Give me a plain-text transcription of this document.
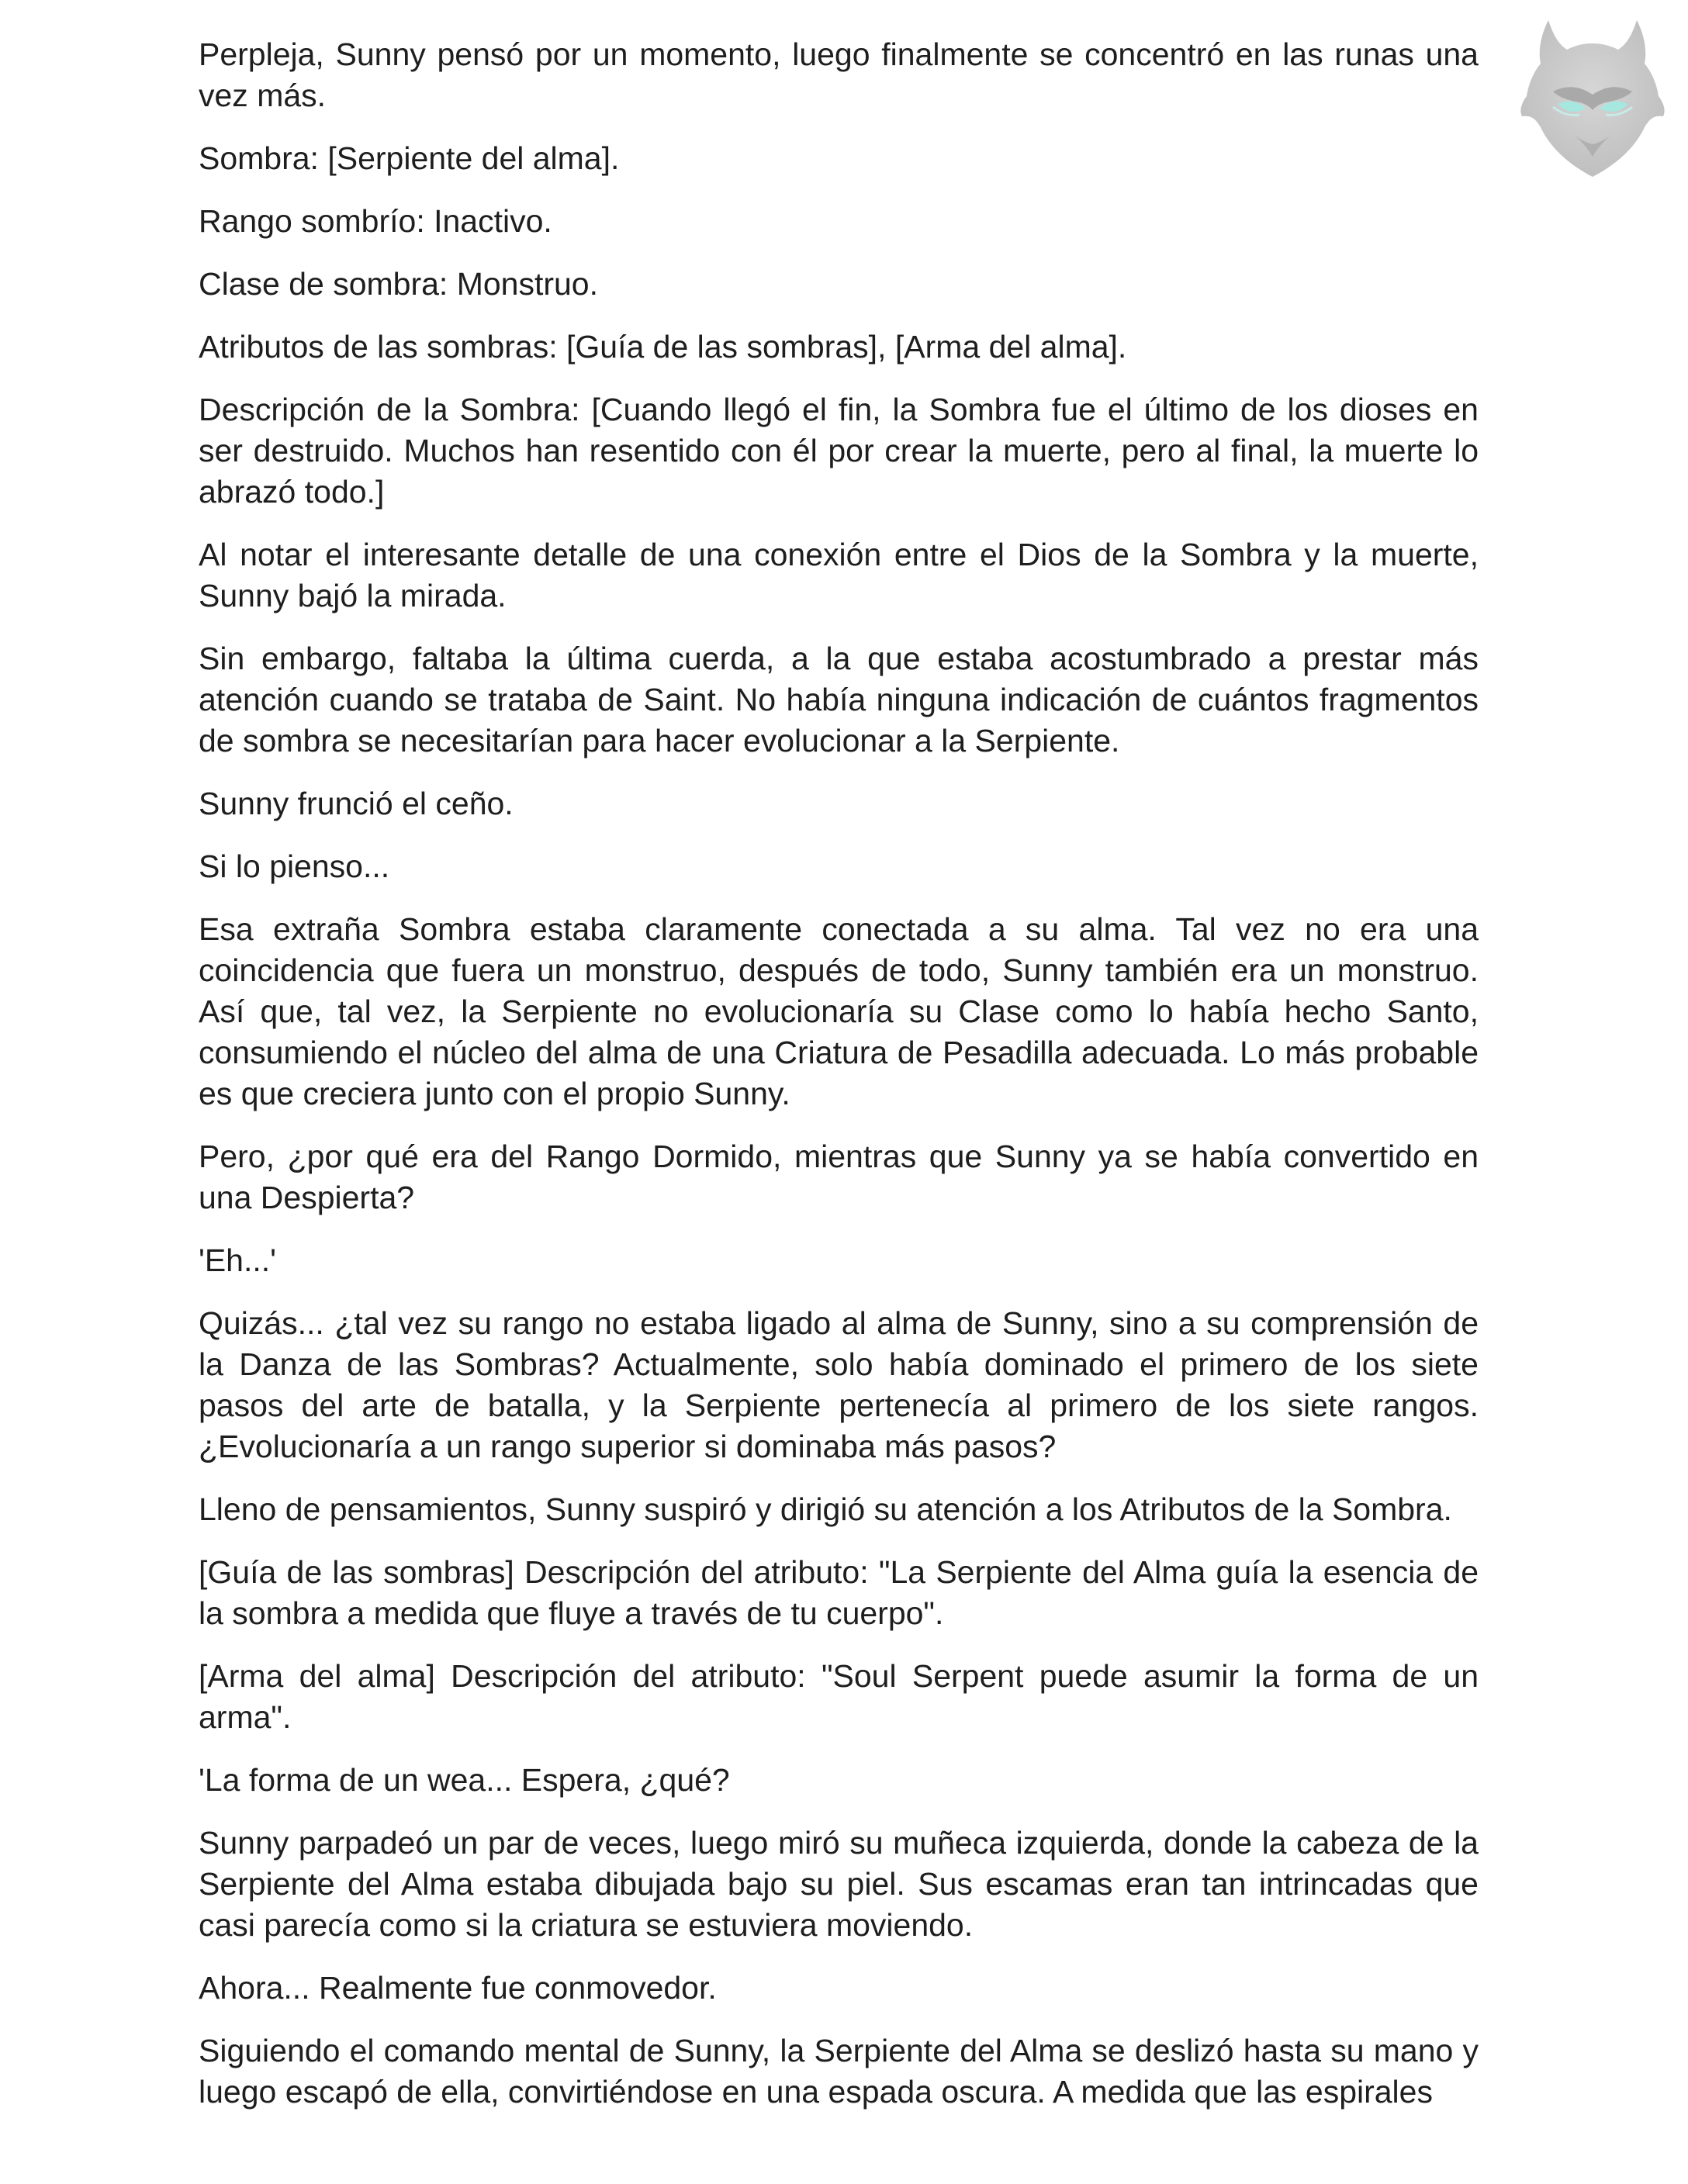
Perpleja, Sunny pensó por un momento, luego finalmente se concentró en las runas una vez más.

Sombra: [Serpiente del alma].

Rango sombrío: Inactivo.

Clase de sombra: Monstruo.

Atributos de las sombras: [Guía de las sombras], [Arma del alma].

Descripción de la Sombra: [Cuando llegó el fin, la Sombra fue el último de los dioses en ser destruido. Muchos han resentido con él por crear la muerte, pero al final, la muerte lo abrazó todo.]

Al notar el interesante detalle de una conexión entre el Dios de la Sombra y la muerte, Sunny bajó la mirada.

Sin embargo, faltaba la última cuerda, a la que estaba acostumbrado a prestar más atención cuando se trataba de Saint. No había ninguna indicación de cuántos fragmentos de sombra se necesitarían para hacer evolucionar a la Serpiente.

Sunny frunció el ceño.

Si lo pienso...

Esa extraña Sombra estaba claramente conectada a su alma. Tal vez no era una coincidencia que fuera un monstruo, después de todo, Sunny también era un monstruo. Así que, tal vez, la Serpiente no evolucionaría su Clase como lo había hecho Santo, consumiendo el núcleo del alma de una Criatura de Pesadilla adecuada. Lo más probable es que creciera junto con el propio Sunny.

Pero, ¿por qué era del Rango Dormido, mientras que Sunny ya se había convertido en una Despierta?

'Eh...'

Quizás... ¿tal vez su rango no estaba ligado al alma de Sunny, sino a su comprensión de la Danza de las Sombras? Actualmente, solo había dominado el primero de los siete pasos del arte de batalla, y la Serpiente pertenecía al primero de los siete rangos. ¿Evolucionaría a un rango superior si dominaba más pasos?

Lleno de pensamientos, Sunny suspiró y dirigió su atención a los Atributos de la Sombra.

[Guía de las sombras] Descripción del atributo: "La Serpiente del Alma guía la esencia de la sombra a medida que fluye a través de tu cuerpo".

[Arma del alma] Descripción del atributo: "Soul Serpent puede asumir la forma de un arma".

'La forma de un wea... Espera, ¿qué?

Sunny parpadeó un par de veces, luego miró su muñeca izquierda, donde la cabeza de la Serpiente del Alma estaba dibujada bajo su piel. Sus escamas eran tan intrincadas que casi parecía como si la criatura se estuviera moviendo.

Ahora... Realmente fue conmovedor.

Siguiendo el comando mental de Sunny, la Serpiente del Alma se deslizó hasta su mano y luego escapó de ella, convirtiéndose en una espada oscura. A medida que las espirales
